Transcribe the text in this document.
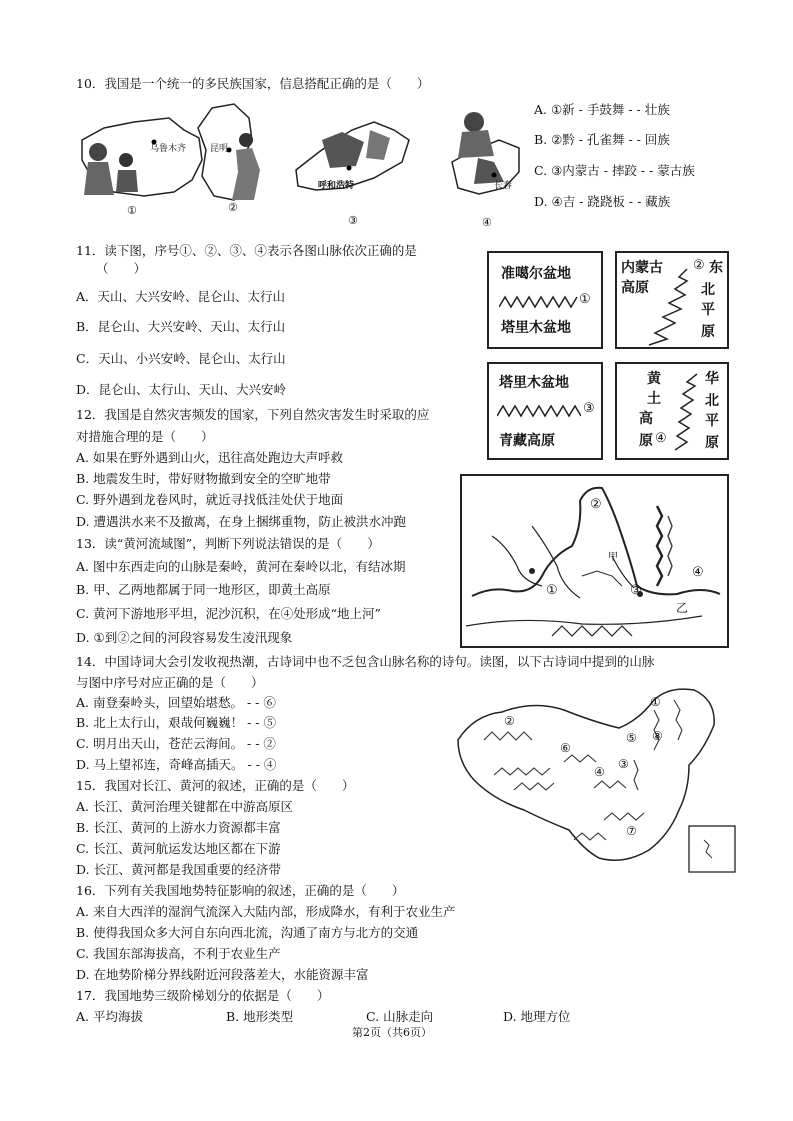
10．我国是一个统一的多民族国家，信息搭配正确的是（　　）
乌鲁木齐	昆明
呼和浩特	长春
①	②
③	④
A. ①新 - 手鼓舞 - - 壮族
B. ②黔 - 孔雀舞 - - 回族
C. ③内蒙古 - 摔跤 - - 蒙古族
D. ④吉 - 跷跷板 - - 藏族
11．读下图，序号①、②、③、④表示各图山脉依次正确的是
（　　）
A．天山、大兴安岭、昆仑山、太行山
B．昆仑山、大兴安岭、天山、太行山
C．天山、小兴安岭、昆仑山、太行山
D．昆仑山、太行山、天山、大兴安岭
准噶尔盆地
①
塔里木盆地
内蒙古
高原
② 东
北
平
原
塔里木盆地
③
青藏高原
黄
土
高
原 ④
华
北
平
原
12．我国是自然灾害频发的国家，下列自然灾害发生时采取的应
对措施合理的是（　　）
A. 如果在野外遇到山火，迅往高处跑边大声呼救
B. 地震发生时，带好财物撤到安全的空旷地带
C. 野外遇到龙卷风时，就近寻找低洼处伏于地面
D. 遭遇洪水来不及撤离，在身上捆绑重物，防止被洪水冲跑
①
②
③
④
甲
乙
13．读“黄河流域图”，判断下列说法错误的是（　　）
A. 图中东西走向的山脉是秦岭，黄河在秦岭以北，有结冰期
B. 甲、乙两地都属于同一地形区，即黄土高原
C. 黄河下游地形平坦，泥沙沉积，在④处形成“地上河”
D. ①到②之间的河段容易发生凌汛现象
14．中国诗词大会引发收视热潮，古诗词中也不乏包含山脉名称的诗句。读图，以下古诗词中提到的山脉
与图中序号对应正确的是（　　）
A. 南登秦岭头，回望始堪愁。 - - ⑥
B. 北上太行山，艰哉何巍巍！ - - ⑤
C. 明月出天山，苍茫云海间。 - - ②
D. 马上望祁连，奇峰高插天。 - - ④
①
②
③
④
⑤
⑥
⑦
⑧
15．我国对长江、黄河的叙述，正确的是（　　）
A. 长江、黄河治理关键都在中游高原区
B. 长江、黄河的上游水力资源都丰富
C. 长江、黄河航运发达地区都在下游
D. 长江、黄河都是我国重要的经济带
16．下列有关我国地势特征影响的叙述，正确的是（　　）
A. 来自大西洋的湿润气流深入大陆内部，形成降水，有利于农业生产
B. 使得我国众多大河自东向西北流，沟通了南方与北方的交通
C. 我国东部海拔高，不利于农业生产
D. 在地势阶梯分界线附近河段落差大，水能资源丰富
17．我国地势三级阶梯划分的依据是（　　）
A. 平均海拔	B. 地形类型	C. 山脉走向	D. 地理方位
第2页（共6页）
